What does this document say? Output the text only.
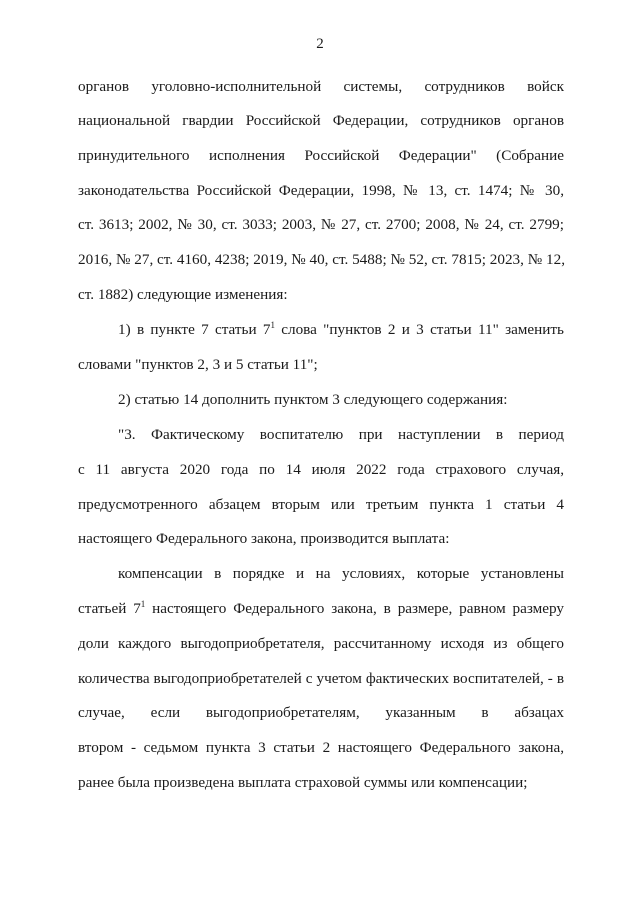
2
органов уголовно-исполнительной системы, сотрудников войск
национальной гвардии Российской Федерации, сотрудников органов
принудительного исполнения Российской Федерации" (Собрание
законодательства Российской Федерации, 1998, № 13, ст. 1474; № 30,
ст. 3613; 2002, № 30, ст. 3033; 2003, № 27, ст. 2700; 2008, № 24, ст. 2799;
2016, № 27, ст. 4160, 4238; 2019, № 40, ст. 5488; № 52, ст. 7815; 2023, № 12,
ст. 1882) следующие изменения:
1) в пункте 7 статьи $7^1$ слова "пунктов 2 и 3 статьи 11" заменить
словами "пунктов 2, 3 и 5 статьи 11";
2) статью 14 дополнить пунктом 3 следующего содержания:
"3. Фактическому воспитателю при наступлении в период
с 11 августа 2020 года по 14 июля 2022 года страхового случая,
предусмотренного абзацем вторым или третьим пункта 1 статьи 4
настоящего Федерального закона, производится выплата:
компенсации в порядке и на условиях, которые установлены
статьей $7^1$ настоящего Федерального закона, в размере, равном размеру
доли каждого выгодоприобретателя, рассчитанному исходя из общего
количества выгодоприобретателей с учетом фактических воспитателей, - в
случае, если выгодоприобретателям, указанным в абзацах
втором - седьмом пункта 3 статьи 2 настоящего Федерального закона,
ранее была произведена выплата страховой суммы или компенсации;
